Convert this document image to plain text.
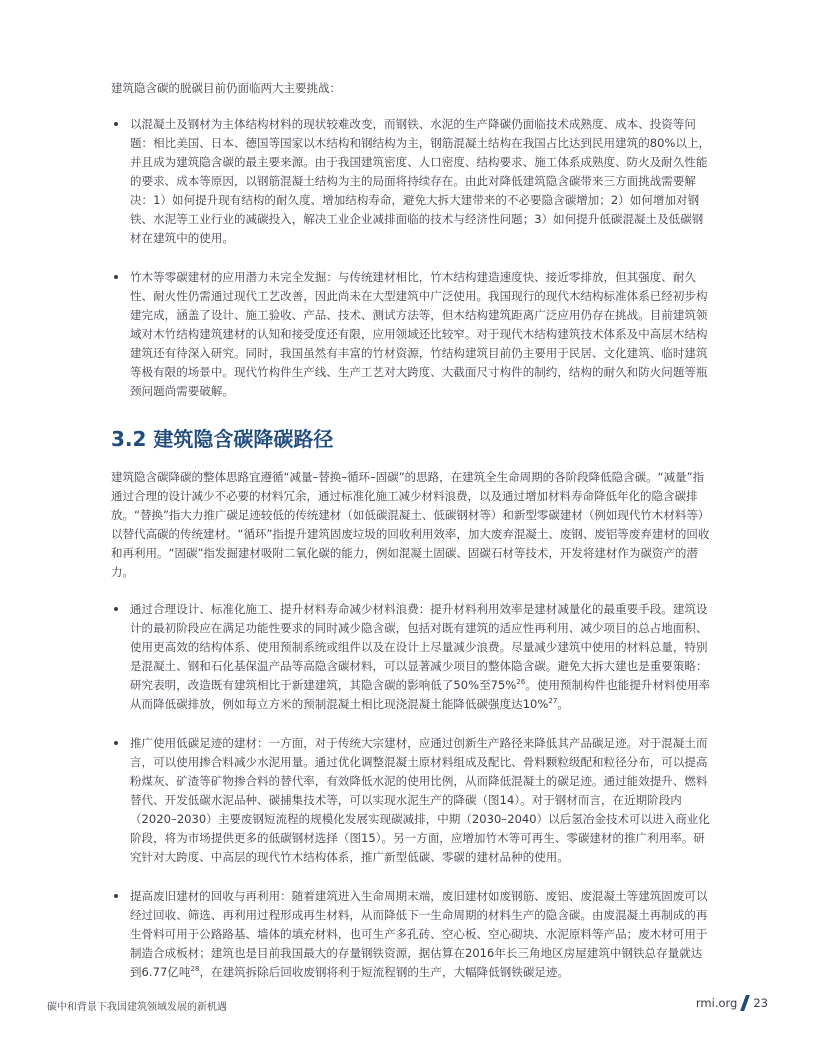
建筑隐含碳的脱碳目前仍面临两大主要挑战：

以混凝土及钢材为主体结构材料的现状较难改变，而钢铁、水泥的生产降碳仍面临技术成熟度、成本、投资等问题：相比美国、日本、德国等国家以木结构和钢结构为主，钢筋混凝土结构在我国占比达到民用建筑的80%以上，并且成为建筑隐含碳的最主要来源。由于我国建筑密度、人口密度、结构要求、施工体系成熟度、防火及耐久性能的要求、成本等原因，以钢筋混凝土结构为主的局面将持续存在。由此对降低建筑隐含碳带来三方面挑战需要解决：1）如何提升现有结构的耐久度、增加结构寿命，避免大拆大建带来的不必要隐含碳增加；2）如何增加对钢铁、水泥等工业行业的减碳投入，解决工业企业减排面临的技术与经济性问题；3）如何提升低碳混凝土及低碳钢材在建筑中的使用。

竹木等零碳建材的应用潜力未完全发掘：与传统建材相比，竹木结构建造速度快、接近零排放，但其强度、耐久性、耐火性仍需通过现代工艺改善，因此尚未在大型建筑中广泛使用。我国现行的现代木结构标准体系已经初步构建完成，涵盖了设计、施工验收、产品、技术、测试方法等，但木结构建筑距离广泛应用仍存在挑战。目前建筑领域对木竹结构建筑建材的认知和接受度还有限，应用领域还比较窄。对于现代木结构建筑技术体系及中高层木结构建筑还有待深入研究。同时，我国虽然有丰富的竹材资源，竹结构建筑目前仍主要用于民居、文化建筑、临时建筑等极有限的场景中。现代竹构件生产线、生产工艺对大跨度、大截面尺寸构件的制约，结构的耐久和防火问题等瓶颈问题尚需要破解。

3.2 建筑隐含碳降碳路径

建筑隐含碳降碳的整体思路宜遵循“减量–替换–循环–固碳”的思路，在建筑全生命周期的各阶段降低隐含碳。“减量”指通过合理的设计减少不必要的材料冗余，通过标准化施工减少材料浪费，以及通过增加材料寿命降低年化的隐含碳排放。“替换”指大力推广碳足迹较低的传统建材（如低碳混凝土、低碳钢材等）和新型零碳建材（例如现代竹木材料等）以替代高碳的传统建材。“循环”指提升建筑固废垃圾的回收利用效率，加大废弃混凝土、废钢、废铝等废弃建材的回收和再利用。“固碳”指发掘建材吸附二氧化碳的能力，例如混凝土固碳、固碳石材等技术，开发将建材作为碳资产的潜力。

通过合理设计、标准化施工、提升材料寿命减少材料浪费：提升材料利用效率是建材减量化的最重要手段。建筑设计的最初阶段应在满足功能性要求的同时减少隐含碳，包括对既有建筑的适应性再利用、减少项目的总占地面积、使用更高效的结构体系、使用预制系统或组件以及在设计上尽量减少浪费。尽量减少建筑中使用的材料总量，特别是混凝土、钢和石化基保温产品等高隐含碳材料，可以显著减少项目的整体隐含碳。避免大拆大建也是重要策略：研究表明，改造既有建筑相比于新建建筑，其隐含碳的影响低了50%至75%$^{26}$。使用预制构件也能提升材料使用率从而降低碳排放，例如每立方米的预制混凝土相比现浇混凝土能降低碳强度达10%$^{27}$。

推广使用低碳足迹的建材：一方面，对于传统大宗建材，应通过创新生产路径来降低其产品碳足迹。对于混凝土而言，可以使用掺合料减少水泥用量。通过优化调整混凝土原材料组成及配比、骨料颗粒级配和粒径分布，可以提高粉煤灰、矿渣等矿物掺合料的替代率，有效降低水泥的使用比例，从而降低混凝土的碳足迹。通过能效提升、燃料替代、开发低碳水泥品种、碳捕集技术等，可以实现水泥生产的降碳（图14）。对于钢材而言，在近期阶段内（2020–2030）主要废钢短流程的规模化发展实现碳减排，中期（2030–2040）以后氢冶金技术可以进入商业化阶段，将为市场提供更多的低碳钢材选择（图15）。另一方面，应增加竹木等可再生、零碳建材的推广利用率。研究针对大跨度、中高层的现代竹木结构体系，推广新型低碳、零碳的建材品种的使用。

提高废旧建材的回收与再利用：随着建筑进入生命周期末端，废旧建材如废钢筋、废铝、废混凝土等建筑固废可以经过回收、筛选、再利用过程形成再生材料，从而降低下一生命周期的材料生产的隐含碳。由废混凝土再制成的再生骨料可用于公路路基、墙体的填充材料，也可生产多孔砖、空心板、空心砌块、水泥原料等产品；废木材可用于制造合成板材；建筑也是目前我国最大的存量钢铁资源，据估算在2016年长三角地区房屋建筑中钢铁总存量就达到6.77亿吨$^{28}$，在建筑拆除后回收废钢将利于短流程钢的生产，大幅降低钢铁碳足迹。

碳中和背景下我国建筑领域发展的新机遇	rmi.org 23
